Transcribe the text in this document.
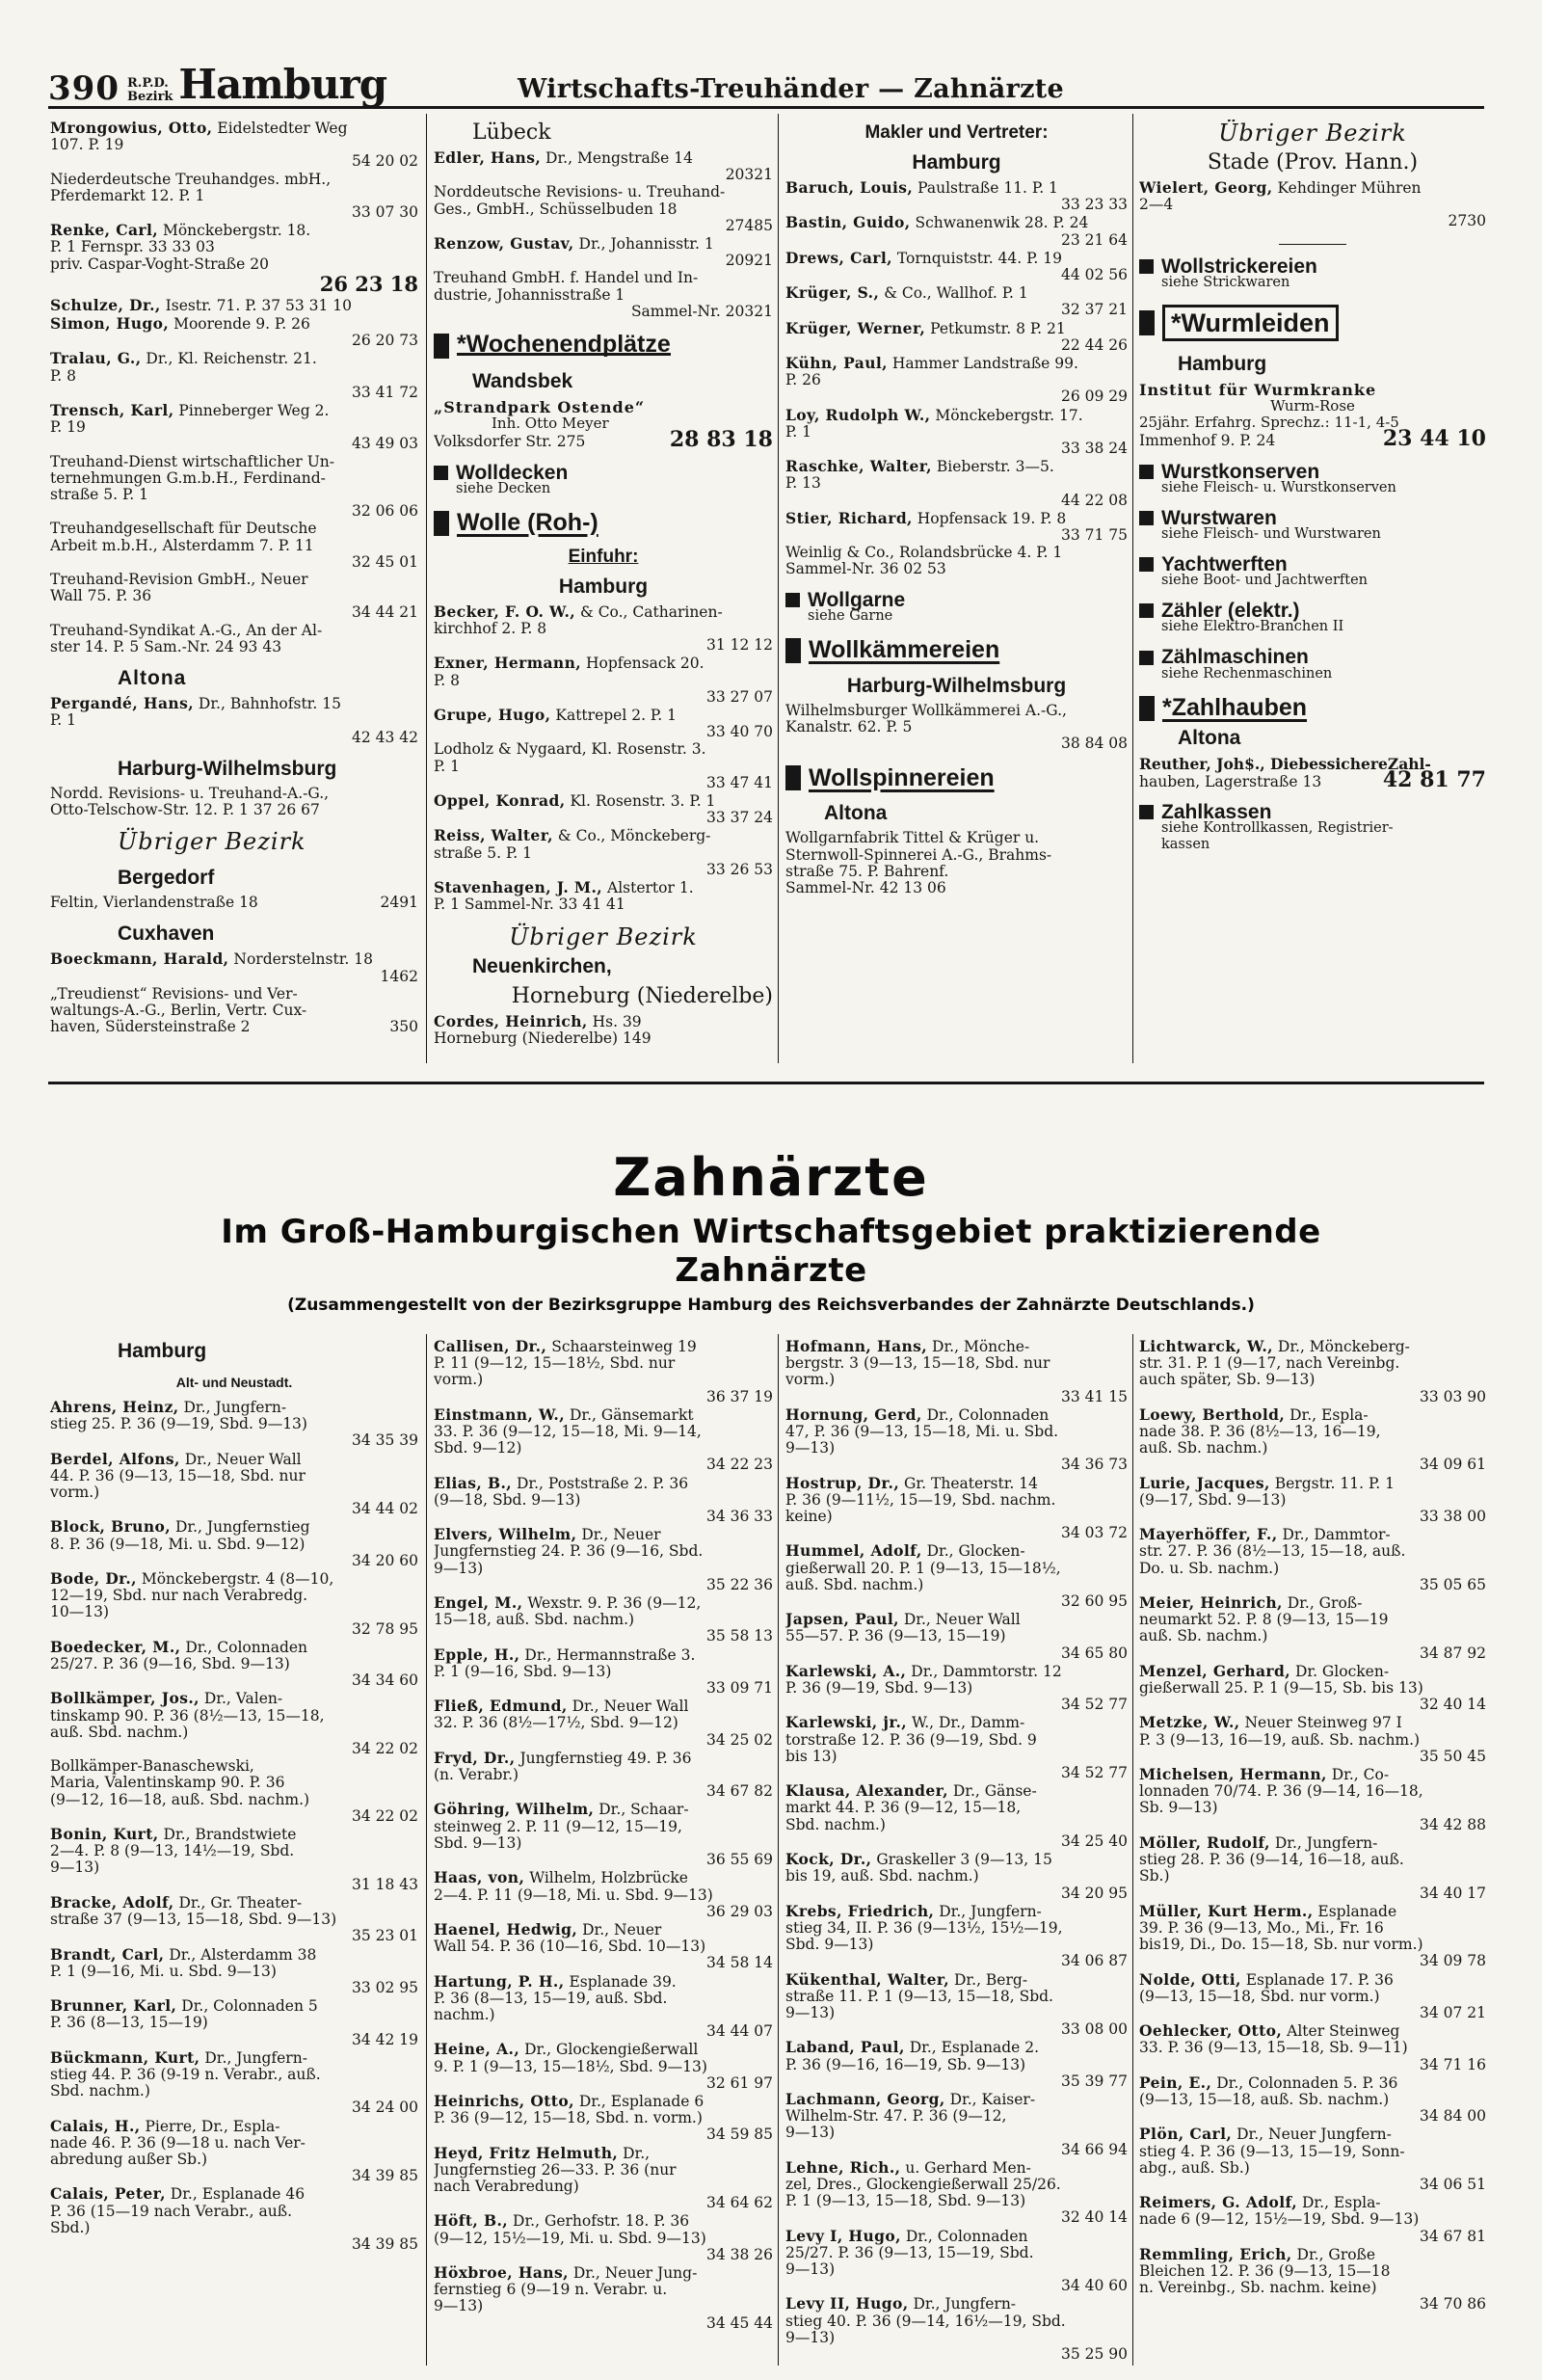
390 R.P.D.
Bezirk Hamburg	Wirtschafts-Treuhänder — Zahnärzte
Mrongowius, Otto, Eidelstedter Weg
107. P. 19
54 20 02
Niederdeutsche Treuhandges. mbH.,
Pferdemarkt 12. P. 1
33 07 30
Renke, Carl, Mönckebergstr. 18.
P. 1 Fernspr. 33 33 03
priv. Caspar-Voght-Straße 20
26 23 18
Schulze, Dr., Isestr. 71. P. 37 53 31 10
Simon, Hugo, Moorende 9. P. 26
26 20 73
Tralau, G., Dr., Kl. Reichenstr. 21.
P. 8
33 41 72
Trensch, Karl, Pinneberger Weg 2.
P. 19
43 49 03
Treuhand-Dienst wirtschaftlicher Un-
ternehmungen G.m.b.H., Ferdinand-
straße 5. P. 1
32 06 06
Treuhandgesellschaft für Deutsche
Arbeit m.b.H., Alsterdamm 7. P. 11
32 45 01
Treuhand-Revision GmbH., Neuer
Wall 75. P. 36
34 44 21
Treuhand-Syndikat A.-G., An der Al-
ster 14. P. 5 Sam.-Nr. 24 93 43
Altona
Pergandé, Hans, Dr., Bahnhofstr. 15
P. 1
42 43 42
Harburg-Wilhelmsburg
Nordd. Revisions- u. Treuhand-A.-G.,
Otto-Telschow-Str. 12. P. 1 37 26 67
Übriger Bezirk
Bergedorf
Feltin, Vierlandenstraße 18	2491
Cuxhaven
Boeckmann, Harald, Norderstelnstr. 18
1462
„Treudienst“ Revisions- und Ver-
waltungs-A.-G., Berlin, Vertr. Cux-
haven, Südersteinstraße 2	350
Lübeck
Edler, Hans, Dr., Mengstraße 14
20321
Norddeutsche Revisions- u. Treuhand-
Ges., GmbH., Schüsselbuden 18
27485
Renzow, Gustav, Dr., Johannisstr. 1
20921
Treuhand GmbH. f. Handel und In-
dustrie, Johannisstraße 1
Sammel-Nr. 20321
*Wochenendplätze
Wandsbek
„Strandpark Ostende“
Inh. Otto Meyer
Volksdorfer Str. 275	28 83 18
Wolldecken
siehe Decken
Wolle (Roh-)
Einfuhr:
Hamburg
Becker, F. O. W., & Co., Catharinen-
kirchhof 2. P. 8
31 12 12
Exner, Hermann, Hopfensack 20.
P. 8
33 27 07
Grupe, Hugo, Kattrepel 2. P. 1
33 40 70
Lodholz & Nygaard, Kl. Rosenstr. 3.
P. 1
33 47 41
Oppel, Konrad, Kl. Rosenstr. 3. P. 1
33 37 24
Reiss, Walter, & Co., Mönckeberg-
straße 5. P. 1
33 26 53
Stavenhagen, J. M., Alstertor 1.
P. 1 Sammel-Nr. 33 41 41
Übriger Bezirk
Neuenkirchen,
Horneburg (Niederelbe)
Cordes, Heinrich, Hs. 39
Horneburg (Niederelbe) 149
Makler und Vertreter:
Hamburg
Baruch, Louis, Paulstraße 11. P. 1
33 23 33
Bastin, Guido, Schwanenwik 28. P. 24
23 21 64
Drews, Carl, Tornquiststr. 44. P. 19
44 02 56
Krüger, S., & Co., Wallhof. P. 1
32 37 21
Krüger, Werner, Petkumstr. 8 P. 21
22 44 26
Kühn, Paul, Hammer Landstraße 99.
P. 26
26 09 29
Loy, Rudolph W., Mönckebergstr. 17.
P. 1
33 38 24
Raschke, Walter, Bieberstr. 3—5.
P. 13
44 22 08
Stier, Richard, Hopfensack 19. P. 8
33 71 75
Weinlig & Co., Rolandsbrücke 4. P. 1
Sammel-Nr. 36 02 53
Wollgarne
siehe Garne
Wollkämmereien
Harburg-Wilhelmsburg
Wilhelmsburger Wollkämmerei A.-G.,
Kanalstr. 62. P. 5
38 84 08
Wollspinnereien
Altona
Wollgarnfabrik Tittel & Krüger u.
Sternwoll-Spinnerei A.-G., Brahms-
straße 75. P. Bahrenf.
Sammel-Nr. 42 13 06
Übriger Bezirk
Stade (Prov. Hann.)
Wielert, Georg, Kehdinger Mühren
2—4
2730
Wollstrickereien
siehe Strickwaren
*Wurmleiden
Hamburg
Institut für Wurmkranke
Wurm-Rose
25jähr. Erfahrg. Sprechz.: 11-1, 4-5
Immenhof 9. P. 24	23 44 10
Wurstkonserven
siehe Fleisch- u. Wurstkonserven
Wurstwaren
siehe Fleisch- und Wurstwaren
Yachtwerften
siehe Boot- und Jachtwerften
Zähler (elektr.)
siehe Elektro-Branchen II
Zählmaschinen
siehe Rechenmaschinen
*Zahlhauben
Altona
Reuther, Joh$., DiebessichereZahl-
hauben, Lagerstraße 13	42 81 77
Zahlkassen
siehe Kontrollkassen, Registrier-
kassen
Zahnärzte
Im Groß-Hamburgischen Wirtschaftsgebiet praktizierende
Zahnärzte
(Zusammengestellt von der Bezirksgruppe Hamburg des Reichsverbandes der Zahnärzte Deutschlands.)
Hamburg
Alt- und Neustadt.
Ahrens, Heinz, Dr., Jungfern-
stieg 25. P. 36 (9—19, Sbd. 9—13)
34 35 39
Berdel, Alfons, Dr., Neuer Wall
44. P. 36 (9—13, 15—18, Sbd. nur
vorm.)
34 44 02
Block, Bruno, Dr., Jungfernstieg
8. P. 36 (9—18, Mi. u. Sbd. 9—12)
34 20 60
Bode, Dr., Mönckebergstr. 4 (8—10,
12—19, Sbd. nur nach Verabredg.
10—13)
32 78 95
Boedecker, M., Dr., Colonnaden
25/27. P. 36 (9—16, Sbd. 9—13)
34 34 60
Bollkämper, Jos., Dr., Valen-
tinskamp 90. P. 36 (8½—13, 15—18,
auß. Sbd. nachm.)
34 22 02
Bollkämper-Banaschewski,
Maria, Valentinskamp 90. P. 36
(9—12, 16—18, auß. Sbd. nachm.)
34 22 02
Bonin, Kurt, Dr., Brandstwiete
2—4. P. 8 (9—13, 14½—19, Sbd.
9—13)
31 18 43
Bracke, Adolf, Dr., Gr. Theater-
straße 37 (9—13, 15—18, Sbd. 9—13)
35 23 01
Brandt, Carl, Dr., Alsterdamm 38
P. 1 (9—16, Mi. u. Sbd. 9—13)
33 02 95
Brunner, Karl, Dr., Colonnaden 5
P. 36 (8—13, 15—19)
34 42 19
Bückmann, Kurt, Dr., Jungfern-
stieg 44. P. 36 (9-19 n. Verabr., auß.
Sbd. nachm.)
34 24 00
Calais, H., Pierre, Dr., Espla-
nade 46. P. 36 (9—18 u. nach Ver-
abredung außer Sb.)
34 39 85
Calais, Peter, Dr., Esplanade 46
P. 36 (15—19 nach Verabr., auß.
Sbd.)
34 39 85
Callisen, Dr., Schaarsteinweg 19
P. 11 (9—12, 15—18½, Sbd. nur
vorm.)
36 37 19
Einstmann, W., Dr., Gänsemarkt
33. P. 36 (9—12, 15—18, Mi. 9—14,
Sbd. 9—12)
34 22 23
Elias, B., Dr., Poststraße 2. P. 36
(9—18, Sbd. 9—13)
34 36 33
Elvers, Wilhelm, Dr., Neuer
Jungfernstieg 24. P. 36 (9—16, Sbd.
9—13)
35 22 36
Engel, M., Wexstr. 9. P. 36 (9—12,
15—18, auß. Sbd. nachm.)
35 58 13
Epple, H., Dr., Hermannstraße 3.
P. 1 (9—16, Sbd. 9—13)
33 09 71
Fließ, Edmund, Dr., Neuer Wall
32. P. 36 (8½—17½, Sbd. 9—12)
34 25 02
Fryd, Dr., Jungfernstieg 49. P. 36
(n. Verabr.)
34 67 82
Göhring, Wilhelm, Dr., Schaar-
steinweg 2. P. 11 (9—12, 15—19,
Sbd. 9—13)
36 55 69
Haas, von, Wilhelm, Holzbrücke
2—4. P. 11 (9—18, Mi. u. Sbd. 9—13)
36 29 03
Haenel, Hedwig, Dr., Neuer
Wall 54. P. 36 (10—16, Sbd. 10—13)
34 58 14
Hartung, P. H., Esplanade 39.
P. 36 (8—13, 15—19, auß. Sbd.
nachm.)
34 44 07
Heine, A., Dr., Glockengießerwall
9. P. 1 (9—13, 15—18½, Sbd. 9—13)
32 61 97
Heinrichs, Otto, Dr., Esplanade 6
P. 36 (9—12, 15—18, Sbd. n. vorm.)
34 59 85
Heyd, Fritz Helmuth, Dr.,
Jungfernstieg 26—33. P. 36 (nur
nach Verabredung)
34 64 62
Höft, B., Dr., Gerhofstr. 18. P. 36
(9—12, 15½—19, Mi. u. Sbd. 9—13)
34 38 26
Höxbroe, Hans, Dr., Neuer Jung-
fernstieg 6 (9—19 n. Verabr. u.
9—13)
34 45 44
Hofmann, Hans, Dr., Mönche-
bergstr. 3 (9—13, 15—18, Sbd. nur
vorm.)
33 41 15
Hornung, Gerd, Dr., Colonnaden
47, P. 36 (9—13, 15—18, Mi. u. Sbd.
9—13)
34 36 73
Hostrup, Dr., Gr. Theaterstr. 14
P. 36 (9—11½, 15—19, Sbd. nachm.
keine)
34 03 72
Hummel, Adolf, Dr., Glocken-
gießerwall 20. P. 1 (9—13, 15—18½,
auß. Sbd. nachm.)
32 60 95
Japsen, Paul, Dr., Neuer Wall
55—57. P. 36 (9—13, 15—19)
34 65 80
Karlewski, A., Dr., Dammtorstr. 12
P. 36 (9—19, Sbd. 9—13)
34 52 77
Karlewski, jr., W., Dr., Damm-
torstraße 12. P. 36 (9—19, Sbd. 9
bis 13)
34 52 77
Klausa, Alexander, Dr., Gänse-
markt 44. P. 36 (9—12, 15—18,
Sbd. nachm.)
34 25 40
Kock, Dr., Graskeller 3 (9—13, 15
bis 19, auß. Sbd. nachm.)
34 20 95
Krebs, Friedrich, Dr., Jungfern-
stieg 34, II. P. 36 (9—13½, 15½—19,
Sbd. 9—13)
34 06 87
Kükenthal, Walter, Dr., Berg-
straße 11. P. 1 (9—13, 15—18, Sbd.
9—13)
33 08 00
Laband, Paul, Dr., Esplanade 2.
P. 36 (9—16, 16—19, Sb. 9—13)
35 39 77
Lachmann, Georg, Dr., Kaiser-
Wilhelm-Str. 47. P. 36 (9—12,
9—13)
34 66 94
Lehne, Rich., u. Gerhard Men-
zel, Dres., Glockengießerwall 25/26.
P. 1 (9—13, 15—18, Sbd. 9—13)
32 40 14
Levy I, Hugo, Dr., Colonnaden
25/27. P. 36 (9—13, 15—19, Sbd.
9—13)
34 40 60
Levy II, Hugo, Dr., Jungfern-
stieg 40. P. 36 (9—14, 16½—19, Sbd.
9—13)
35 25 90
Lichtwarck, W., Dr., Mönckeberg-
str. 31. P. 1 (9—17, nach Vereinbg.
auch später, Sb. 9—13)
33 03 90
Loewy, Berthold, Dr., Espla-
nade 38. P. 36 (8½—13, 16—19,
auß. Sb. nachm.)
34 09 61
Lurie, Jacques, Bergstr. 11. P. 1
(9—17, Sbd. 9—13)
33 38 00
Mayerhöffer, F., Dr., Dammtor-
str. 27. P. 36 (8½—13, 15—18, auß.
Do. u. Sb. nachm.)
35 05 65
Meier, Heinrich, Dr., Groß-
neumarkt 52. P. 8 (9—13, 15—19
auß. Sb. nachm.)
34 87 92
Menzel, Gerhard, Dr. Glocken-
gießerwall 25. P. 1 (9—15, Sb. bis 13)
32 40 14
Metzke, W., Neuer Steinweg 97 I
P. 3 (9—13, 16—19, auß. Sb. nachm.)
35 50 45
Michelsen, Hermann, Dr., Co-
lonnaden 70/74. P. 36 (9—14, 16—18,
Sb. 9—13)
34 42 88
Möller, Rudolf, Dr., Jungfern-
stieg 28. P. 36 (9—14, 16—18, auß.
Sb.)
34 40 17
Müller, Kurt Herm., Esplanade
39. P. 36 (9—13, Mo., Mi., Fr. 16
bis19, Di., Do. 15—18, Sb. nur vorm.)
34 09 78
Nolde, Otti, Esplanade 17. P. 36
(9—13, 15—18, Sbd. nur vorm.)
34 07 21
Oehlecker, Otto, Alter Steinweg
33. P. 36 (9—13, 15—18, Sb. 9—11)
34 71 16
Pein, E., Dr., Colonnaden 5. P. 36
(9—13, 15—18, auß. Sb. nachm.)
34 84 00
Plön, Carl, Dr., Neuer Jungfern-
stieg 4. P. 36 (9—13, 15—19, Sonn-
abg., auß. Sb.)
34 06 51
Reimers, G. Adolf, Dr., Espla-
nade 6 (9—12, 15½—19, Sbd. 9—13)
34 67 81
Remmling, Erich, Dr., Große
Bleichen 12. P. 36 (9—13, 15—18
n. Vereinbg., Sb. nachm. keine)
34 70 86
